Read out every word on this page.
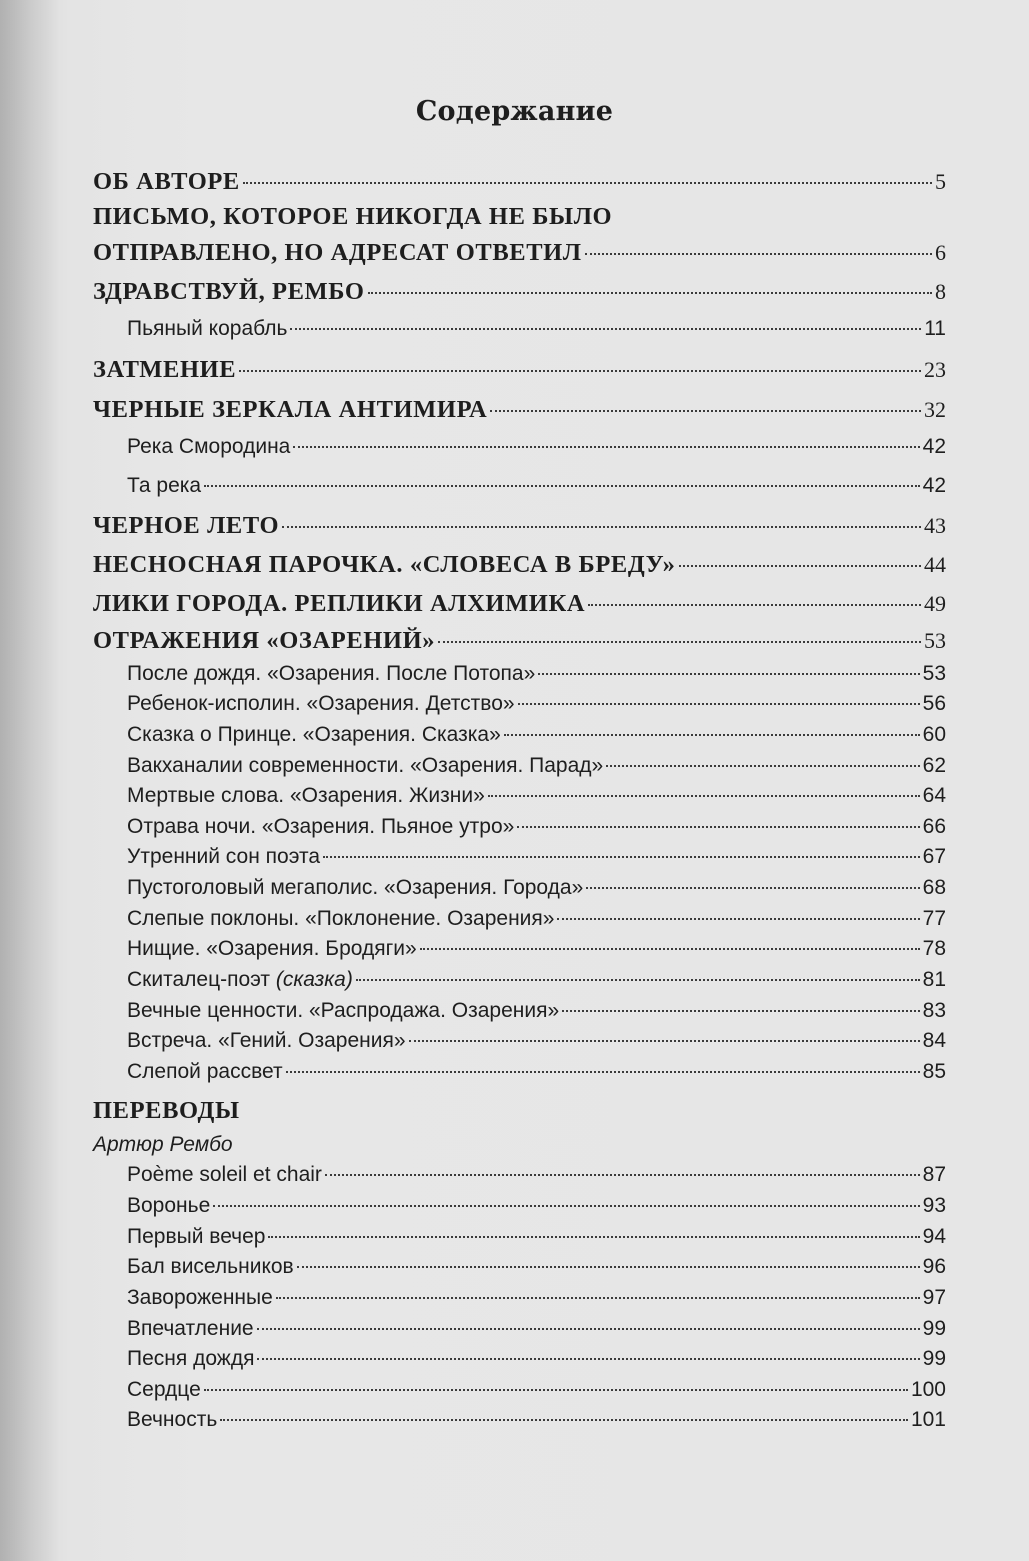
Содержание
ОБ АВТОРЕ	5
ПИСЬМО, КОТОРОЕ НИКОГДА НЕ БЫЛО
ОТПРАВЛЕНО, НО АДРЕСАТ ОТВЕТИЛ	6
ЗДРАВСТВУЙ, РЕМБО	8
Пьяный корабль	11
ЗАТМЕНИЕ	23
ЧЕРНЫЕ ЗЕРКАЛА АНТИМИРА	32
Река Смородина	42
Та река	42
ЧЕРНОЕ ЛЕТО	43
НЕСНОСНАЯ ПАРОЧКА. «СЛОВЕСА В БРЕДУ»	44
ЛИКИ ГОРОДА. РЕПЛИКИ АЛХИМИКА	49
ОТРАЖЕНИЯ «ОЗАРЕНИЙ»	53
После дождя. «Озарения. После Потопа»	53
Ребенок-исполин. «Озарения. Детство»	56
Сказка о Принце. «Озарения. Сказка»	60
Вакханалии современности. «Озарения. Парад»	62
Мертвые слова. «Озарения. Жизни»	64
Отрава ночи. «Озарения. Пьяное утро»	66
Утренний сон поэта	67
Пустоголовый мегаполис. «Озарения. Города»	68
Слепые поклоны. «Поклонение. Озарения»	77
Нищие. «Озарения. Бродяги»	78
Скиталец-поэт (сказка)	81
Вечные ценности. «Распродажа. Озарения»	83
Встреча. «Гений. Озарения»	84
Слепой рассвет	85
ПЕРЕВОДЫ
Артюр Рембо
Poème soleil et chair	87
Воронье	93
Первый вечер	94
Бал висельников	96
Завороженные	97
Впечатление	99
Песня дождя	99
Сердце	100
Вечность	101
